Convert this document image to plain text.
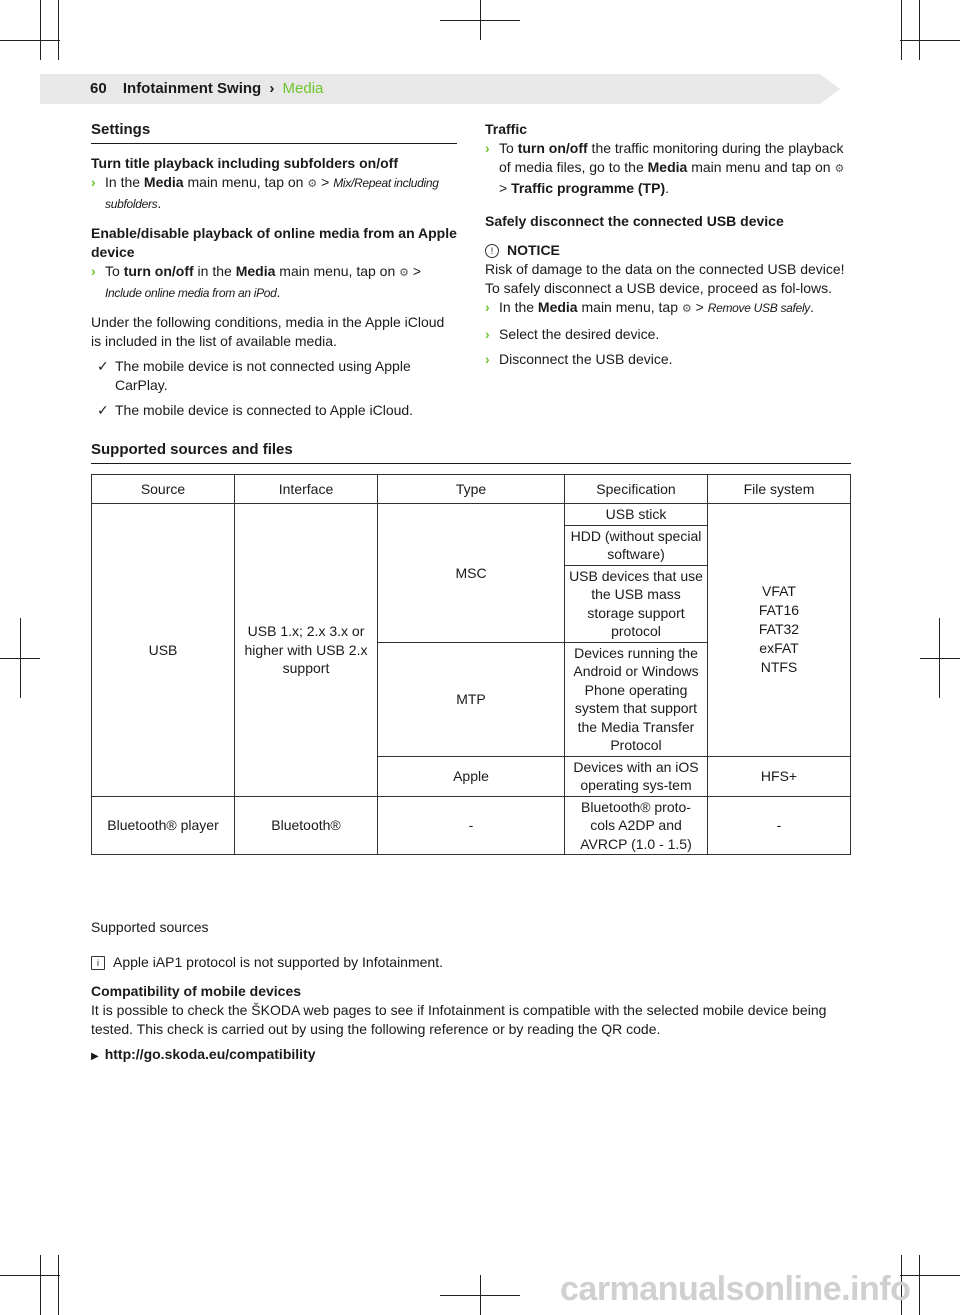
60 Infotainment Swing › Media
Settings

Turn title playback including subfolders on/off

› In the Media main menu, tap on ⚙ > Mix/Repeat including subfolders.

Enable/disable playback of online media from an Apple device

› To turn on/off in the Media main menu, tap on ⚙ > Include online media from an iPod.

Under the following conditions, media in the Apple iCloud is included in the list of available media.

✓ The mobile device is not connected using Apple CarPlay.
✓ The mobile device is connected to Apple iCloud.

Traffic

› To turn on/off the traffic monitoring during the playback of media files, go to the Media main menu and tap on ⚙ > Traffic programme (TP).

Safely disconnect the connected USB device

! NOTICE

Risk of damage to the data on the connected USB device!

To safely disconnect a USB device, proceed as fol-lows.

› In the Media main menu, tap ⚙ > Remove USB safely.
› Select the desired device.
› Disconnect the USB device.
Supported sources and files
Source	Interface	Type	Specification	File system
USB	USB 1.x; 2.x 3.x or higher with USB 2.x support	MSC	USB stick	VFAT FAT16 FAT32 exFAT NTFS

			HDD (without special software)	
			USB devices that use the USB mass storage support protocol	
		MTP	Devices running the Android or Windows Phone operating system that support the Media Transfer Protocol	

		Apple	Devices with an iOS operating sys-tem	HFS+
Bluetooth® player	Bluetooth®	-	Bluetooth® proto-cols A2DP and AVRCP (1.0 - 1.5)	-

Supported sources

i Apple iAP1 protocol is not supported by Infotainment.

Compatibility of mobile devices

It is possible to check the ŠKODA web pages to see if Infotainment is compatible with the selected mobile device being tested. This check is carried out by using the following reference or by reading the QR code.

▶ http://go.skoda.eu/compatibility

carmanualsonline.info
